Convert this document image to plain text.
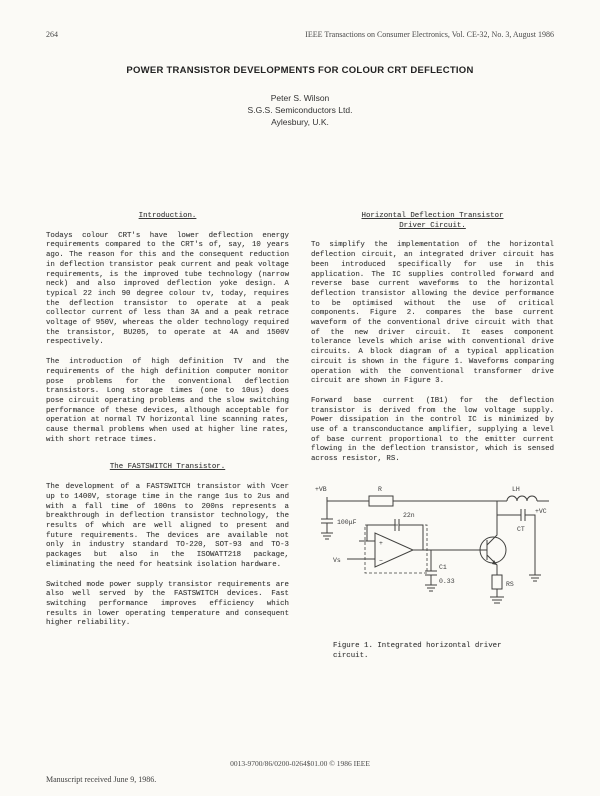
264	IEEE Transactions on Consumer Electronics, Vol. CE-32, No. 3, August 1986
POWER TRANSISTOR DEVELOPMENTS FOR COLOUR CRT DEFLECTION
Peter S. Wilson
S.G.S. Semiconductors Ltd.
Aylesbury, U.K.
Introduction.

Todays colour CRT's have lower deflection energy requirements compared to the CRT's of, say, 10 years ago. The reason for this and the consequent reduction in deflection transistor peak current and peak voltage requirements, is the improved tube technology (narrow neck) and also improved deflection yoke design. A typical 22 inch 90 degree colour tv, today, requires the deflection transistor to operate at a peak collector current of less than 3A and a peak retrace voltage of 950V, whereas the older technology required the transistor, BU205, to operate at 4A and 1500V respectively.

The introduction of high definition TV and the requirements of the high definition computer monitor pose problems for the conventional deflection transistors. Long storage times (one to 10us) does pose circuit operating problems and the slow switching performance of these devices, although acceptable for operation at normal TV horizontal line scanning rates, cause thermal problems when used at higher line rates, with short retrace times.

The FASTSWITCH Transistor.

The development of a FASTSWITCH transistor with Vcer up to 1400V, storage time in the range 1us to 2us and with a fall time of 100ns to 200ns represents a breakthrough in deflection transistor technology, the results of which are well aligned to present and future requirements. The devices are available not only in industry standard TO-220, SOT-93 and TO-3 packages but also in the ISOWATT218 package, eliminating the need for heatsink isolation hardware.

Switched mode power supply transistor requirements are also well served by the FASTSWITCH devices. Fast switching performance improves efficiency which results in lower operating temperature and consequent higher reliability.

Horizontal Deflection Transistor
Driver Circuit.

To simplify the implementation of the horizontal deflection circuit, an integrated driver circuit has been introduced specifically for use in this application. The IC supplies controlled forward and reverse base current waveforms to the horizontal deflection transistor allowing the device performance to be optimised without the use of critical components. Figure 2. compares the base current waveform of the conventional drive circuit with that of the new driver circuit. It eases component tolerance levels which arise with conventional drive circuits. A block diagram of a typical application circuit is shown in the figure 1. Waveforms comparing operation with the conventional transformer drive circuit are shown in Figure 3.

Forward base current (IB1) for the deflection transistor is derived from the low voltage supply. Power dissipation in the control IC is minimized by use of a transconductance amplifier, supplying a level of base current proportional to the emitter current flowing in the deflection transistor, which is sensed across resistor, RS.

+VB
100μF
R	LH
+VC
+
−
Vs
22n
C1
0.33
CT
RS
Figure 1. Integrated horizontal driver circuit.
0013-9700/86/0200-0264$01.00 © 1986 IEEE
Manuscript received June 9, 1986.
